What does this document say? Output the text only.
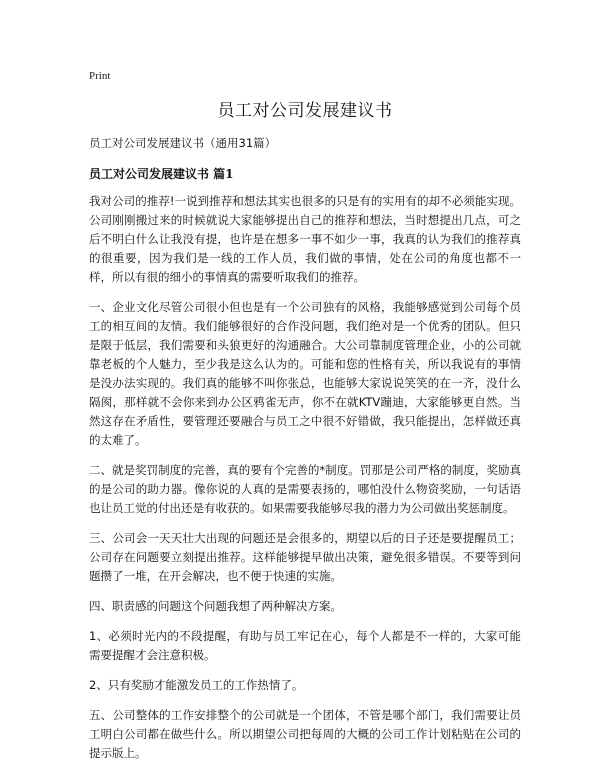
Print
员工对公司发展建议书
员工对公司发展建议书（通用31篇）
员工对公司发展建议书 篇1

我对公司的推荐!一说到推荐和想法其实也很多的只是有的实用有的却不必须能实现。公司刚刚搬过来的时候就说大家能够提出自己的推荐和想法，当时想提出几点，可之后不明白什么让我没有提，也许是在想多一事不如少一事，我真的认为我们的推荐真的很重要，因为我们是一线的工作人员，我们做的事情，处在公司的角度也都不一样，所以有很的细小的事情真的需要听取我们的推荐。

一、企业文化尽管公司很小但也是有一个公司独有的风格，我能够感觉到公司每个员工的相互间的友情。我们能够很好的合作没问题，我们绝对是一个优秀的团队。但只是限于低层，我们需要和头狼更好的沟通融合。大公司靠制度管理企业，小的公司就靠老板的个人魅力，至少我是这么认为的。可能和您的性格有关，所以我说有的事情是没办法实现的。我们真的能够不叫你张总，也能够大家说说笑笑的在一齐，没什么隔阂，那样就不会你来到办公区鸦雀无声，你不在就KTV蹦迪，大家能够更自然。当然这存在矛盾性，要管理还要融合与员工之中很不好错做，我只能提出，怎样做还真的太难了。

二、就是奖罚制度的完善，真的要有个完善的*制度。罚那是公司严格的制度，奖励真的是公司的助力器。像你说的人真的是需要表扬的，哪怕没什么物资奖励，一句话语也让员工觉的付出还是有收获的。如果需要我能够尽我的潜力为公司做出奖惩制度。

三、公司会一天天壮大出现的问题还是会很多的，期望以后的日子还是要提醒员工；公司存在问题要立刻提出推荐。这样能够提早做出决策，避免很多错误。不要等到问题攒了一堆，在开会解决，也不便于快速的实施。

四、职责感的问题这个问题我想了两种解决方案。

1、必须时光内的不段提醒，有助与员工牢记在心，每个人都是不一样的，大家可能需要提醒才会注意积极。

2、只有奖励才能激发员工的工作热情了。

五、公司整体的工作安排整个的公司就是一个团体，不管是哪个部门，我们需要让员工明白公司都在做些什么。所以期望公司把每周的大概的公司工作计划粘贴在公司的提示版上。
